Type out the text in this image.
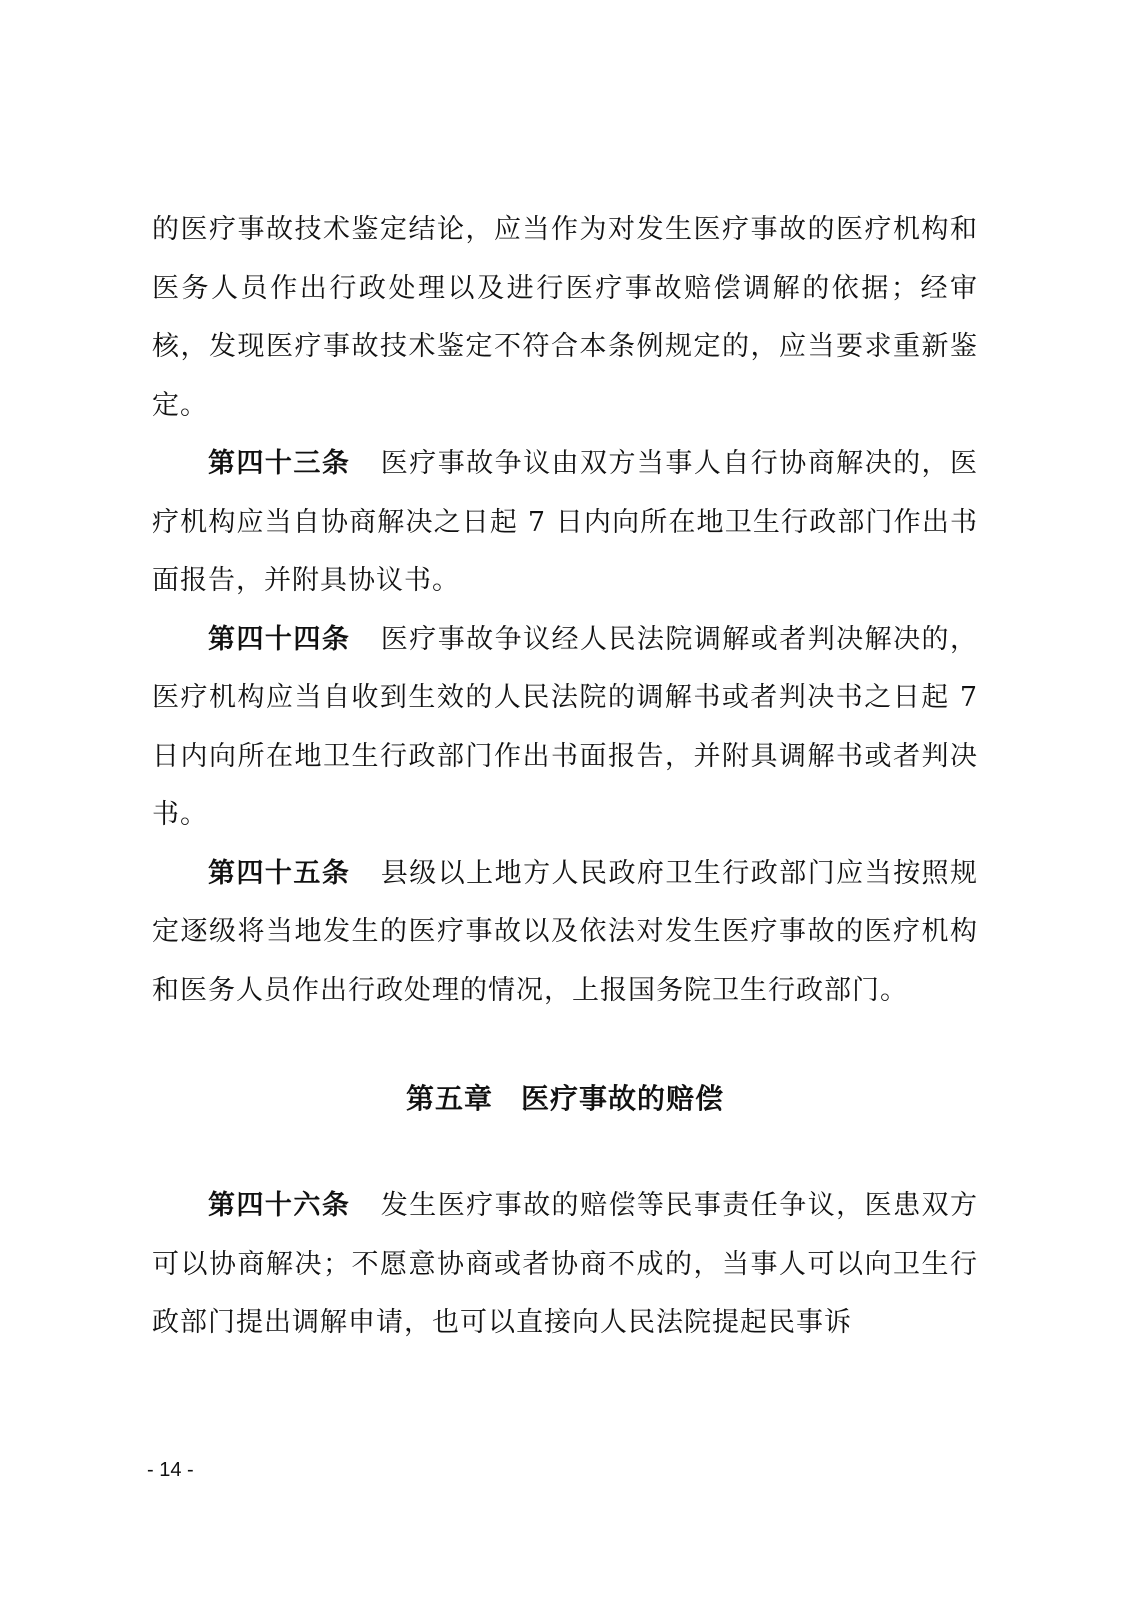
的医疗事故技术鉴定结论，应当作为对发生医疗事故的医疗机构和医务人员作出行政处理以及进行医疗事故赔偿调解的依据；经审核，发现医疗事故技术鉴定不符合本条例规定的，应当要求重新鉴定。

第四十三条 医疗事故争议由双方当事人自行协商解决的，医疗机构应当自协商解决之日起 7 日内向所在地卫生行政部门作出书面报告，并附具协议书。

第四十四条 医疗事故争议经人民法院调解或者判决解决的，医疗机构应当自收到生效的人民法院的调解书或者判决书之日起 7 日内向所在地卫生行政部门作出书面报告，并附具调解书或者判决书。

第四十五条 县级以上地方人民政府卫生行政部门应当按照规定逐级将当地发生的医疗事故以及依法对发生医疗事故的医疗机构和医务人员作出行政处理的情况，上报国务院卫生行政部门。

第五章 医疗事故的赔偿

第四十六条 发生医疗事故的赔偿等民事责任争议，医患双方可以协商解决；不愿意协商或者协商不成的，当事人可以向卫生行政部门提出调解申请，也可以直接向人民法院提起民事诉

- 14 -
